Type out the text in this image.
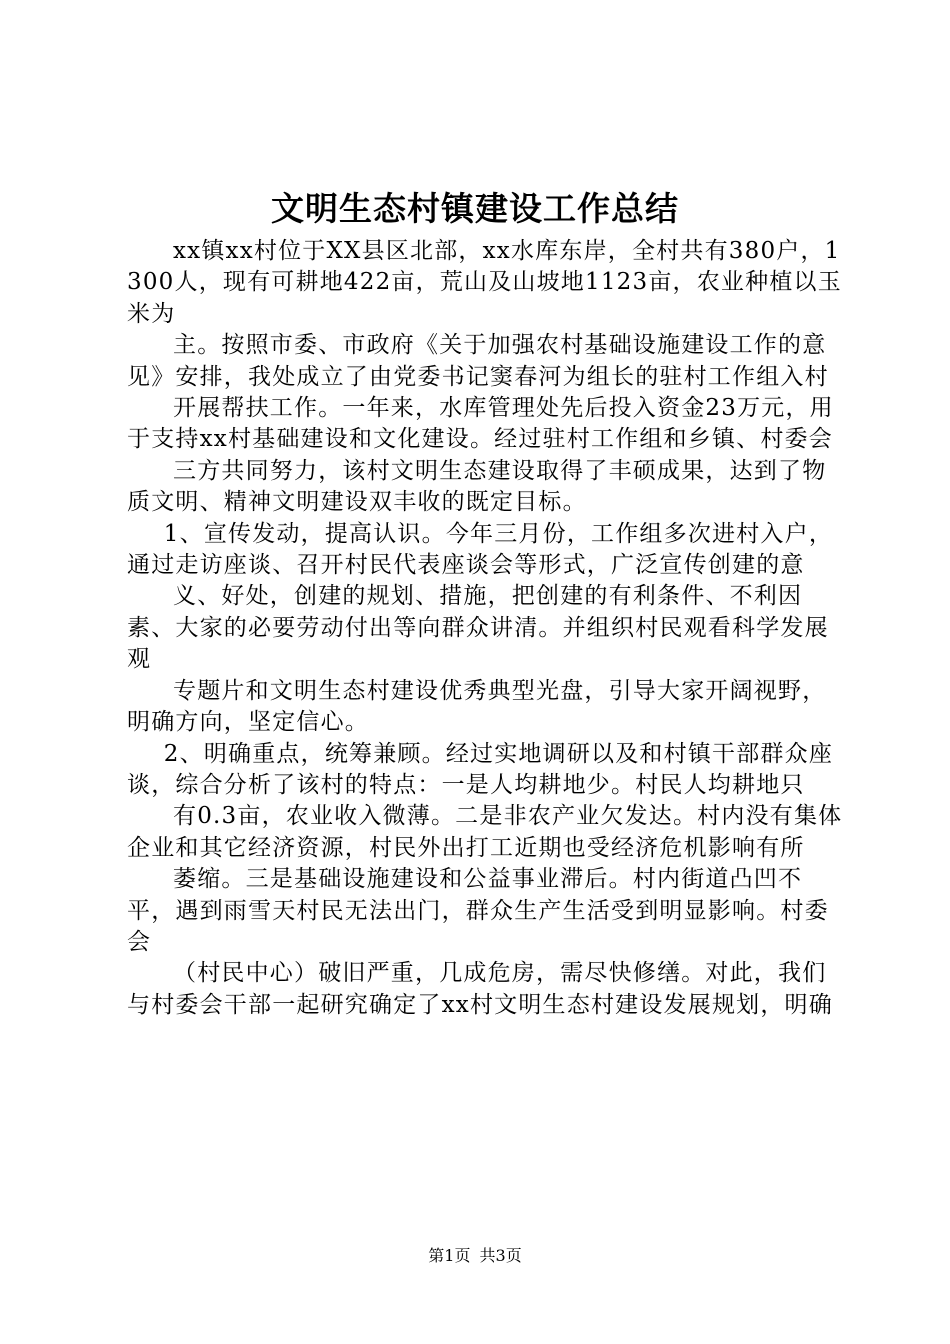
文明生态村镇建设工作总结

xx镇xx村位于XX县区北部，xx水库东岸，全村共有380户，1300人，现有可耕地422亩，荒山及山坡地1123亩，农业种植以玉米为

主。按照市委、市政府《关于加强农村基础设施建设工作的意见》安排，我处成立了由党委书记窦春河为组长的驻村工作组入村

开展帮扶工作。一年来，水库管理处先后投入资金23万元，用于支持xx村基础建设和文化建设。经过驻村工作组和乡镇、村委会

三方共同努力，该村文明生态建设取得了丰硕成果，达到了物质文明、精神文明建设双丰收的既定目标。

1、宣传发动，提高认识。今年三月份，工作组多次进村入户，通过走访座谈、召开村民代表座谈会等形式，广泛宣传创建的意

义、好处，创建的规划、措施，把创建的有利条件、不利因素、大家的必要劳动付出等向群众讲清。并组织村民观看科学发展观

专题片和文明生态村建设优秀典型光盘，引导大家开阔视野，明确方向，坚定信心。

2、明确重点，统筹兼顾。经过实地调研以及和村镇干部群众座谈，综合分析了该村的特点：一是人均耕地少。村民人均耕地只

有0.3亩，农业收入微薄。二是非农产业欠发达。村内没有集体企业和其它经济资源，村民外出打工近期也受经济危机影响有所

萎缩。三是基础设施建设和公益事业滞后。村内街道凸凹不平，遇到雨雪天村民无法出门，群众生产生活受到明显影响。村委会

（村民中心）破旧严重，几成危房，需尽快修缮。对此，我们与村委会干部一起研究确定了xx村文明生态村建设发展规划，明确

第1页 共3页
